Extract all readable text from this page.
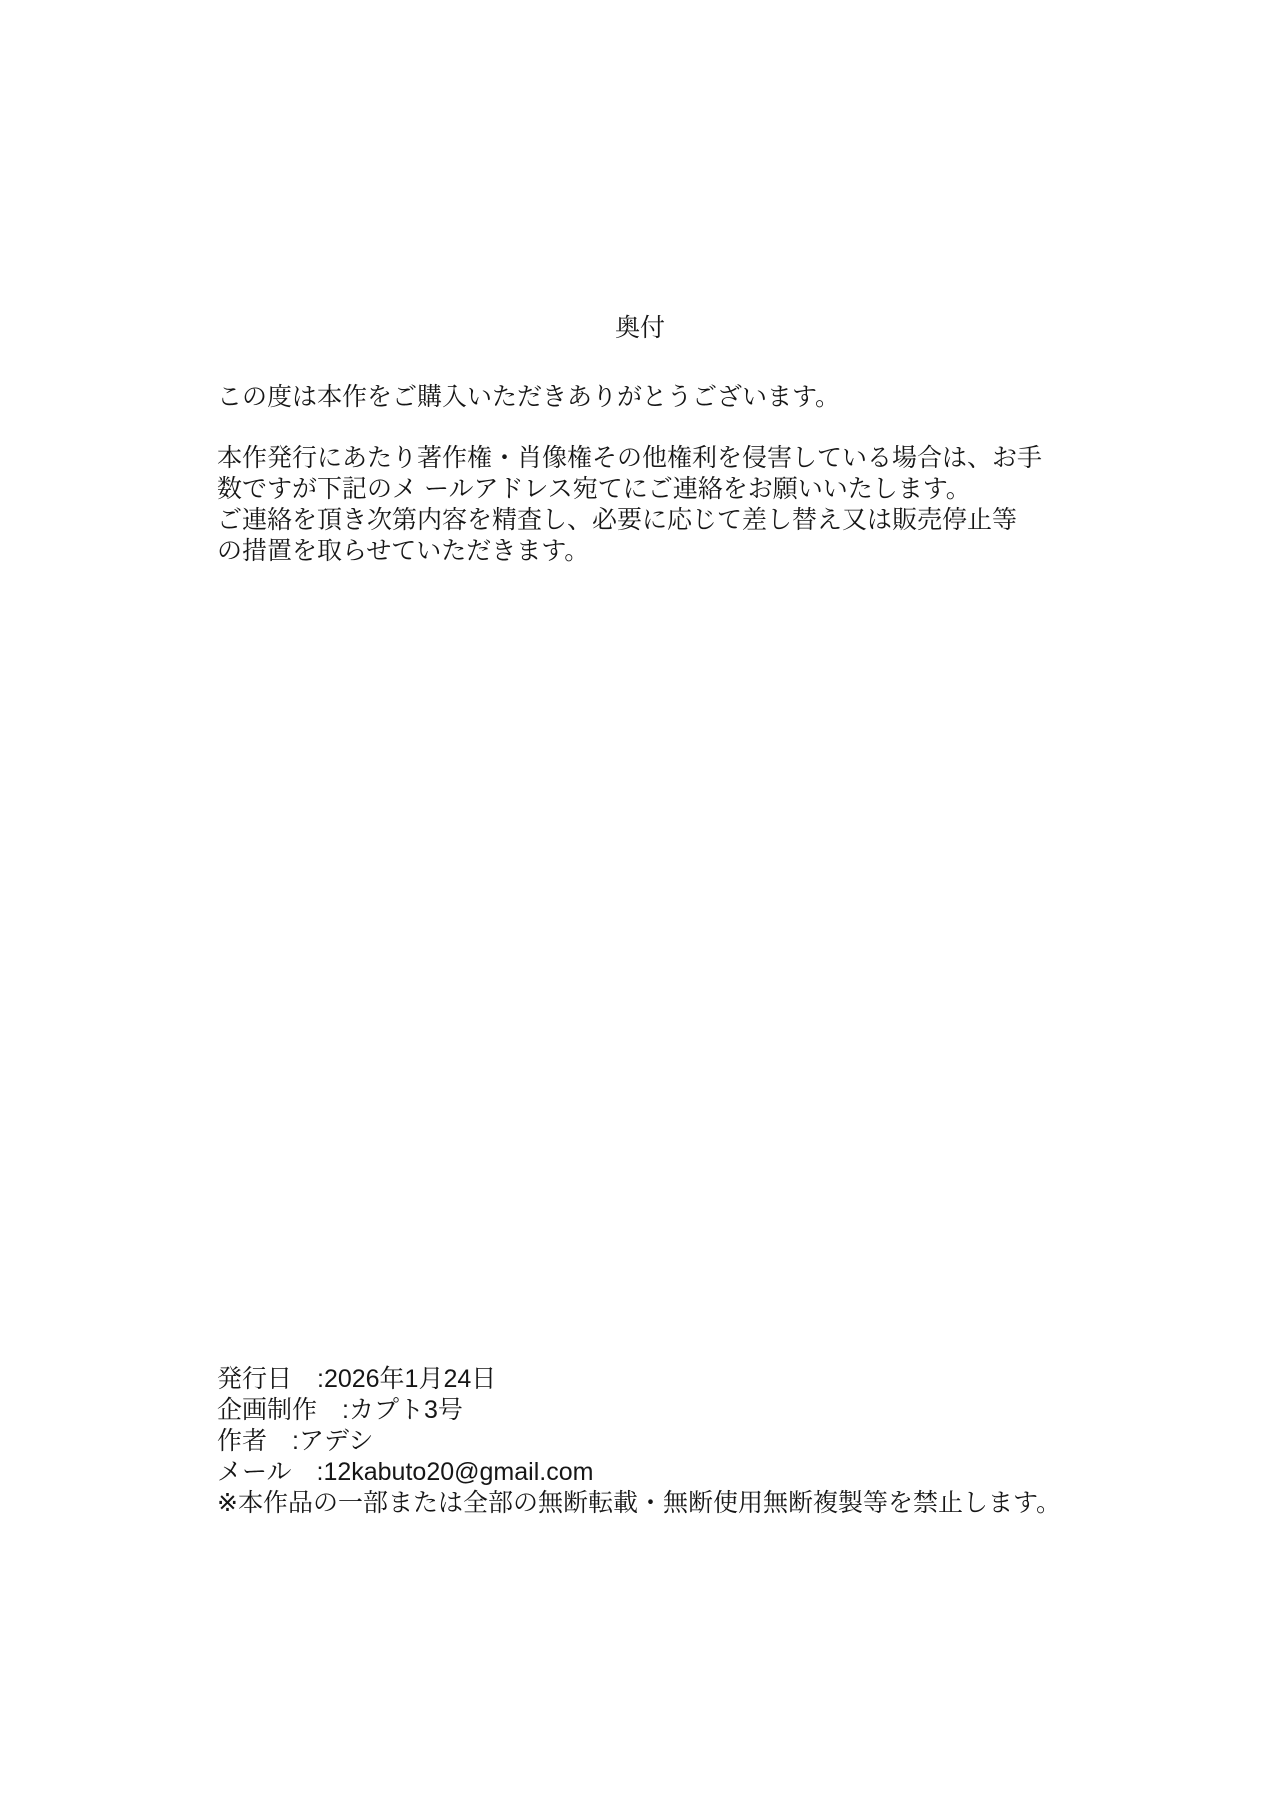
奥付
この度は本作をご購入いただきありがとうございます。
本作発行にあたり著作権・肖像権その他権利を侵害している場合は、お手
数ですが下記のメ ールアドレス宛てにご連絡をお願いいたします。
ご連絡を頂き次第内容を精査し、必要に応じて差し替え又は販売停止等
の措置を取らせていただきます。
発行日　:2026年1月24日
企画制作　:カプト3号
作者　:アデシ
メール　:12kabuto20@gmail.com
※本作品の一部または全部の無断転載・無断使用無断複製等を禁止します。
